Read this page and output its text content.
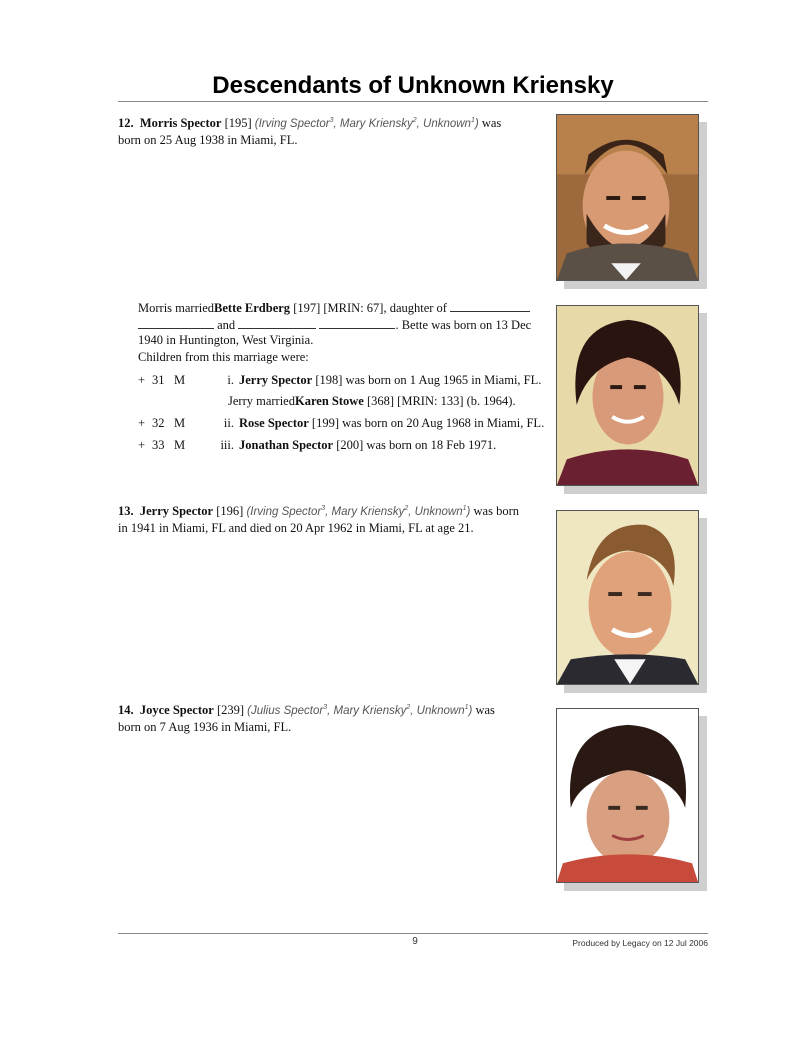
Descendants of Unknown Kriensky
12. Morris Spector [195] (Irving Spector$^3$, Mary Kriensky$^2$, Unknown$^1$) was
born on 25 Aug 1938 in Miami, FL.
Morris marriedBette Erdberg [197] [MRIN: 67], daughter of
and	. Bette was born on 13 Dec
1940 in Huntington, West Virginia.
Children from this marriage were:
+ 31 M	i. Jerry Spector [198] was born on 1 Aug 1965 in Miami, FL.
Jerry marriedKaren Stowe [368] [MRIN: 133] (b. 1964).
+ 32 M	ii. Rose Spector [199] was born on 20 Aug 1968 in Miami, FL.
+ 33 M	iii. Jonathan Spector [200] was born on 18 Feb 1971.
13. Jerry Spector [196] (Irving Spector$^3$, Mary Kriensky$^2$, Unknown$^1$) was born
in 1941 in Miami, FL and died on 20 Apr 1962 in Miami, FL at age 21.
14. Joyce Spector [239] (Julius Spector$^3$, Mary Kriensky$^2$, Unknown$^1$) was
born on 7 Aug 1936 in Miami, FL.
9	Produced by Legacy on 12 Jul 2006
